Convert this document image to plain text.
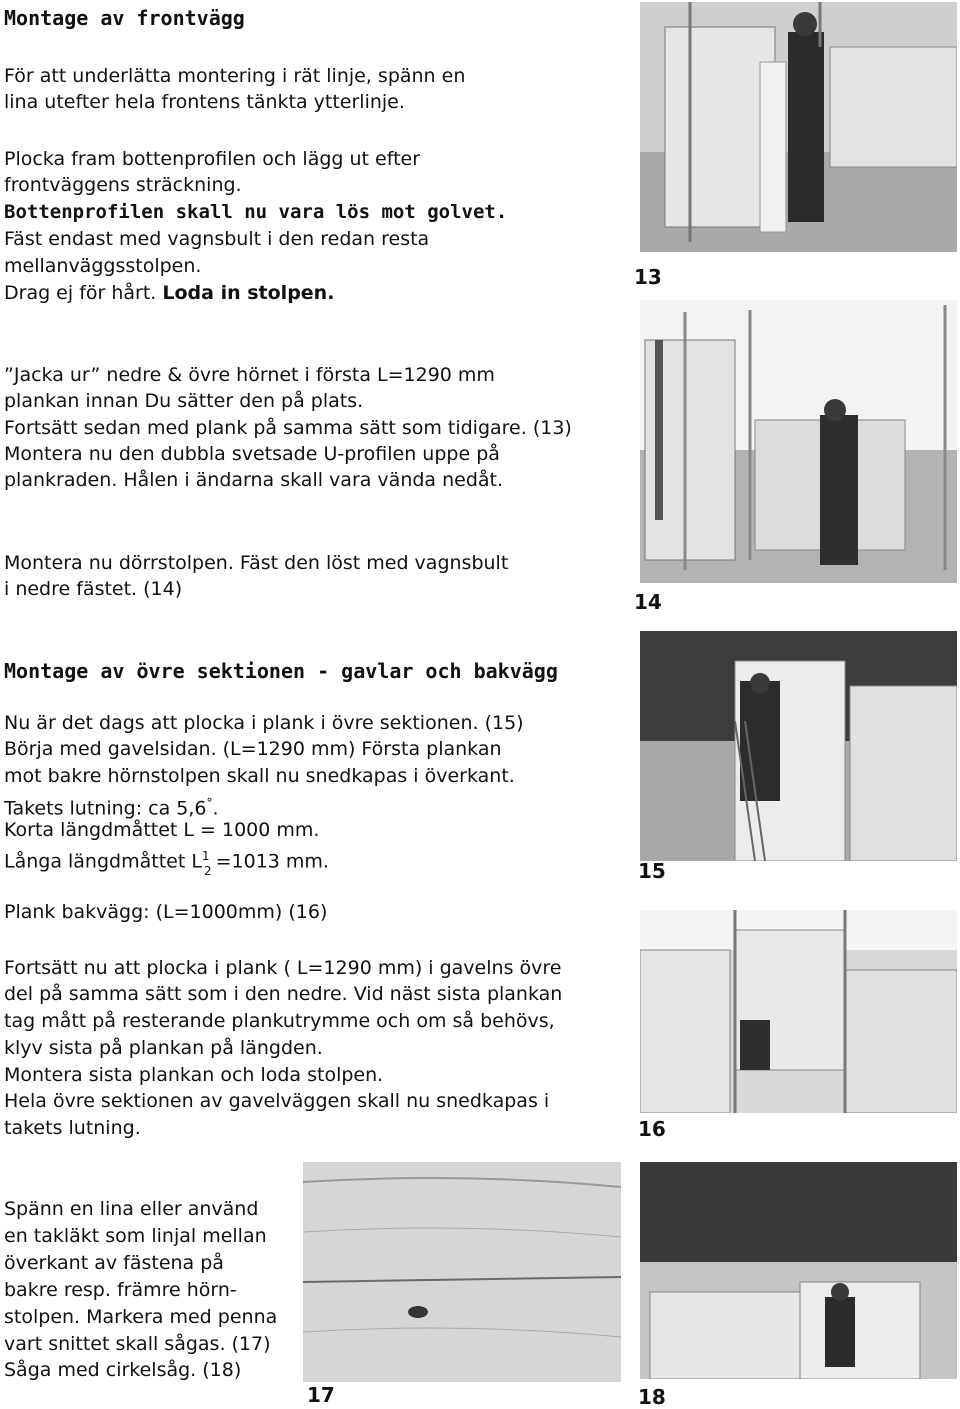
Montage av frontvägg
För att underlätta montering i rät linje, spänn en
lina utefter hela frontens tänkta ytterlinje.
Plocka fram bottenprofilen och lägg ut efter
frontväggens sträckning.
Bottenprofilen skall nu vara lös mot golvet.
Fäst endast med vagnsbult i den redan resta
mellanväggsstolpen.
Drag ej för hårt. Loda in stolpen.
”Jacka ur” nedre & övre hörnet i första L=1290 mm
plankan innan Du sätter den på plats.
Fortsätt sedan med plank på samma sätt som tidigare. (13)
Montera nu den dubbla svetsade U-profilen uppe på
plankraden. Hålen i ändarna skall vara vända nedåt.
Montera nu dörrstolpen. Fäst den löst med vagnsbult
i nedre fästet. (14)
Montage av övre sektionen - gavlar och bakvägg
Nu är det dags att plocka i plank i övre sektionen. (15)
Börja med gavelsidan. (L=1290 mm) Första plankan
mot bakre hörnstolpen skall nu snedkapas i överkant.
Takets lutning: ca 5,6°.
Korta längdmåttet L = 1000 mm.
Långa längdmåttet $L^1 =1013$ mm.
2
Plank bakvägg: (L=1000mm) (16)
Fortsätt nu att plocka i plank ( L=1290 mm) i gavelns övre
del på samma sätt som i den nedre. Vid näst sista plankan
tag mått på resterande plankutrymme och om så behövs,
klyv sista på plankan på längden.
Montera sista plankan och loda stolpen.
Hela övre sektionen av gavelväggen skall nu snedkapas i
takets lutning.
Spänn en lina eller använd
en takläkt som linjal mellan
överkant av fästena på
bakre resp. främre hörn-
stolpen. Markera med penna
vart snittet skall sågas. (17)
Såga med cirkelsåg. (18)
13
14
15
16
17	18
